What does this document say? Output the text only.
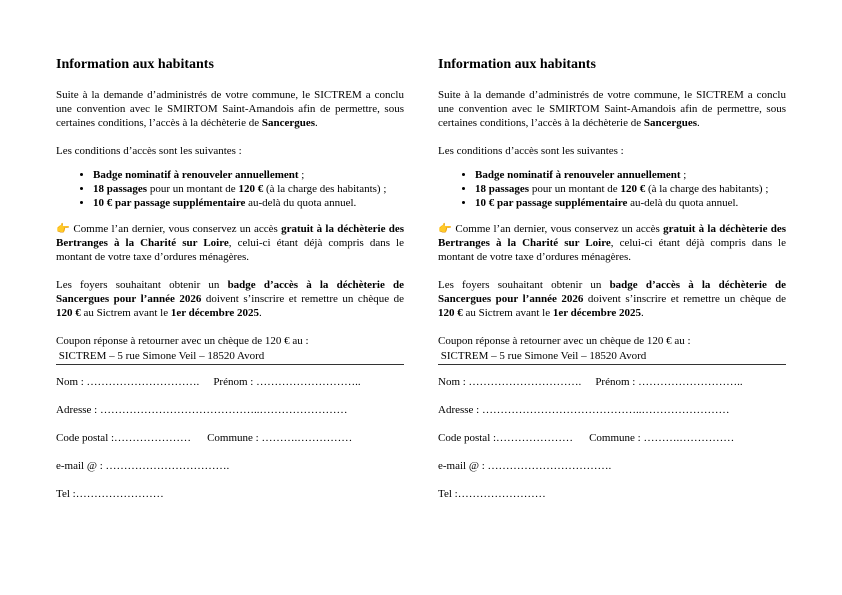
Information aux habitants

Suite à la demande d’administrés de votre commune, le SICTREM a conclu une convention avec le SMIRTOM Saint-Amandois afin de permettre, sous certaines conditions, l’accès à la déchèterie de Sancergues.

Les conditions d’accès sont les suivantes :

• Badge nominatif à renouveler annuellement ;
• 18 passages pour un montant de 120 € (à la charge des habitants) ;
• 10 € par passage supplémentaire au-delà du quota annuel.

👉 Comme l’an dernier, vous conservez un accès gratuit à la déchèterie des Bertranges à la Charité sur Loire, celui-ci étant déjà compris dans le montant de votre taxe d’ordures ménagères.

Les foyers souhaitant obtenir un badge d’accès à la déchèterie de Sancergues pour l’année 2026 doivent s’inscrire et remettre un chèque de 120 € au Sictrem avant le 1er décembre 2025.

Coupon réponse à retourner avec un chèque de 120 € au :
SICTREM – 5 rue Simone Veil – 18520 Avord
Nom : …………………………. Prénom : ………………………..
Adresse : ……………………………………..……………………
Code postal :………………… Commune : ……….……………
e-mail @ : …………………………….
Tel :……………………
Information aux habitants

Suite à la demande d’administrés de votre commune, le SICTREM a conclu une convention avec le SMIRTOM Saint-Amandois afin de permettre, sous certaines conditions, l’accès à la déchèterie de Sancergues.

Les conditions d’accès sont les suivantes :

• Badge nominatif à renouveler annuellement ;
• 18 passages pour un montant de 120 € (à la charge des habitants) ;
• 10 € par passage supplémentaire au-delà du quota annuel.

👉 Comme l’an dernier, vous conservez un accès gratuit à la déchèterie des Bertranges à la Charité sur Loire, celui-ci étant déjà compris dans le montant de votre taxe d’ordures ménagères.

Les foyers souhaitant obtenir un badge d’accès à la déchèterie de Sancergues pour l’année 2026 doivent s’inscrire et remettre un chèque de 120 € au Sictrem avant le 1er décembre 2025.

Coupon réponse à retourner avec un chèque de 120 € au :
SICTREM – 5 rue Simone Veil – 18520 Avord
Nom : …………………………. Prénom : ………………………..
Adresse : ……………………………………..……………………
Code postal :………………… Commune : ……….……………
e-mail @ : …………………………….
Tel :……………………
